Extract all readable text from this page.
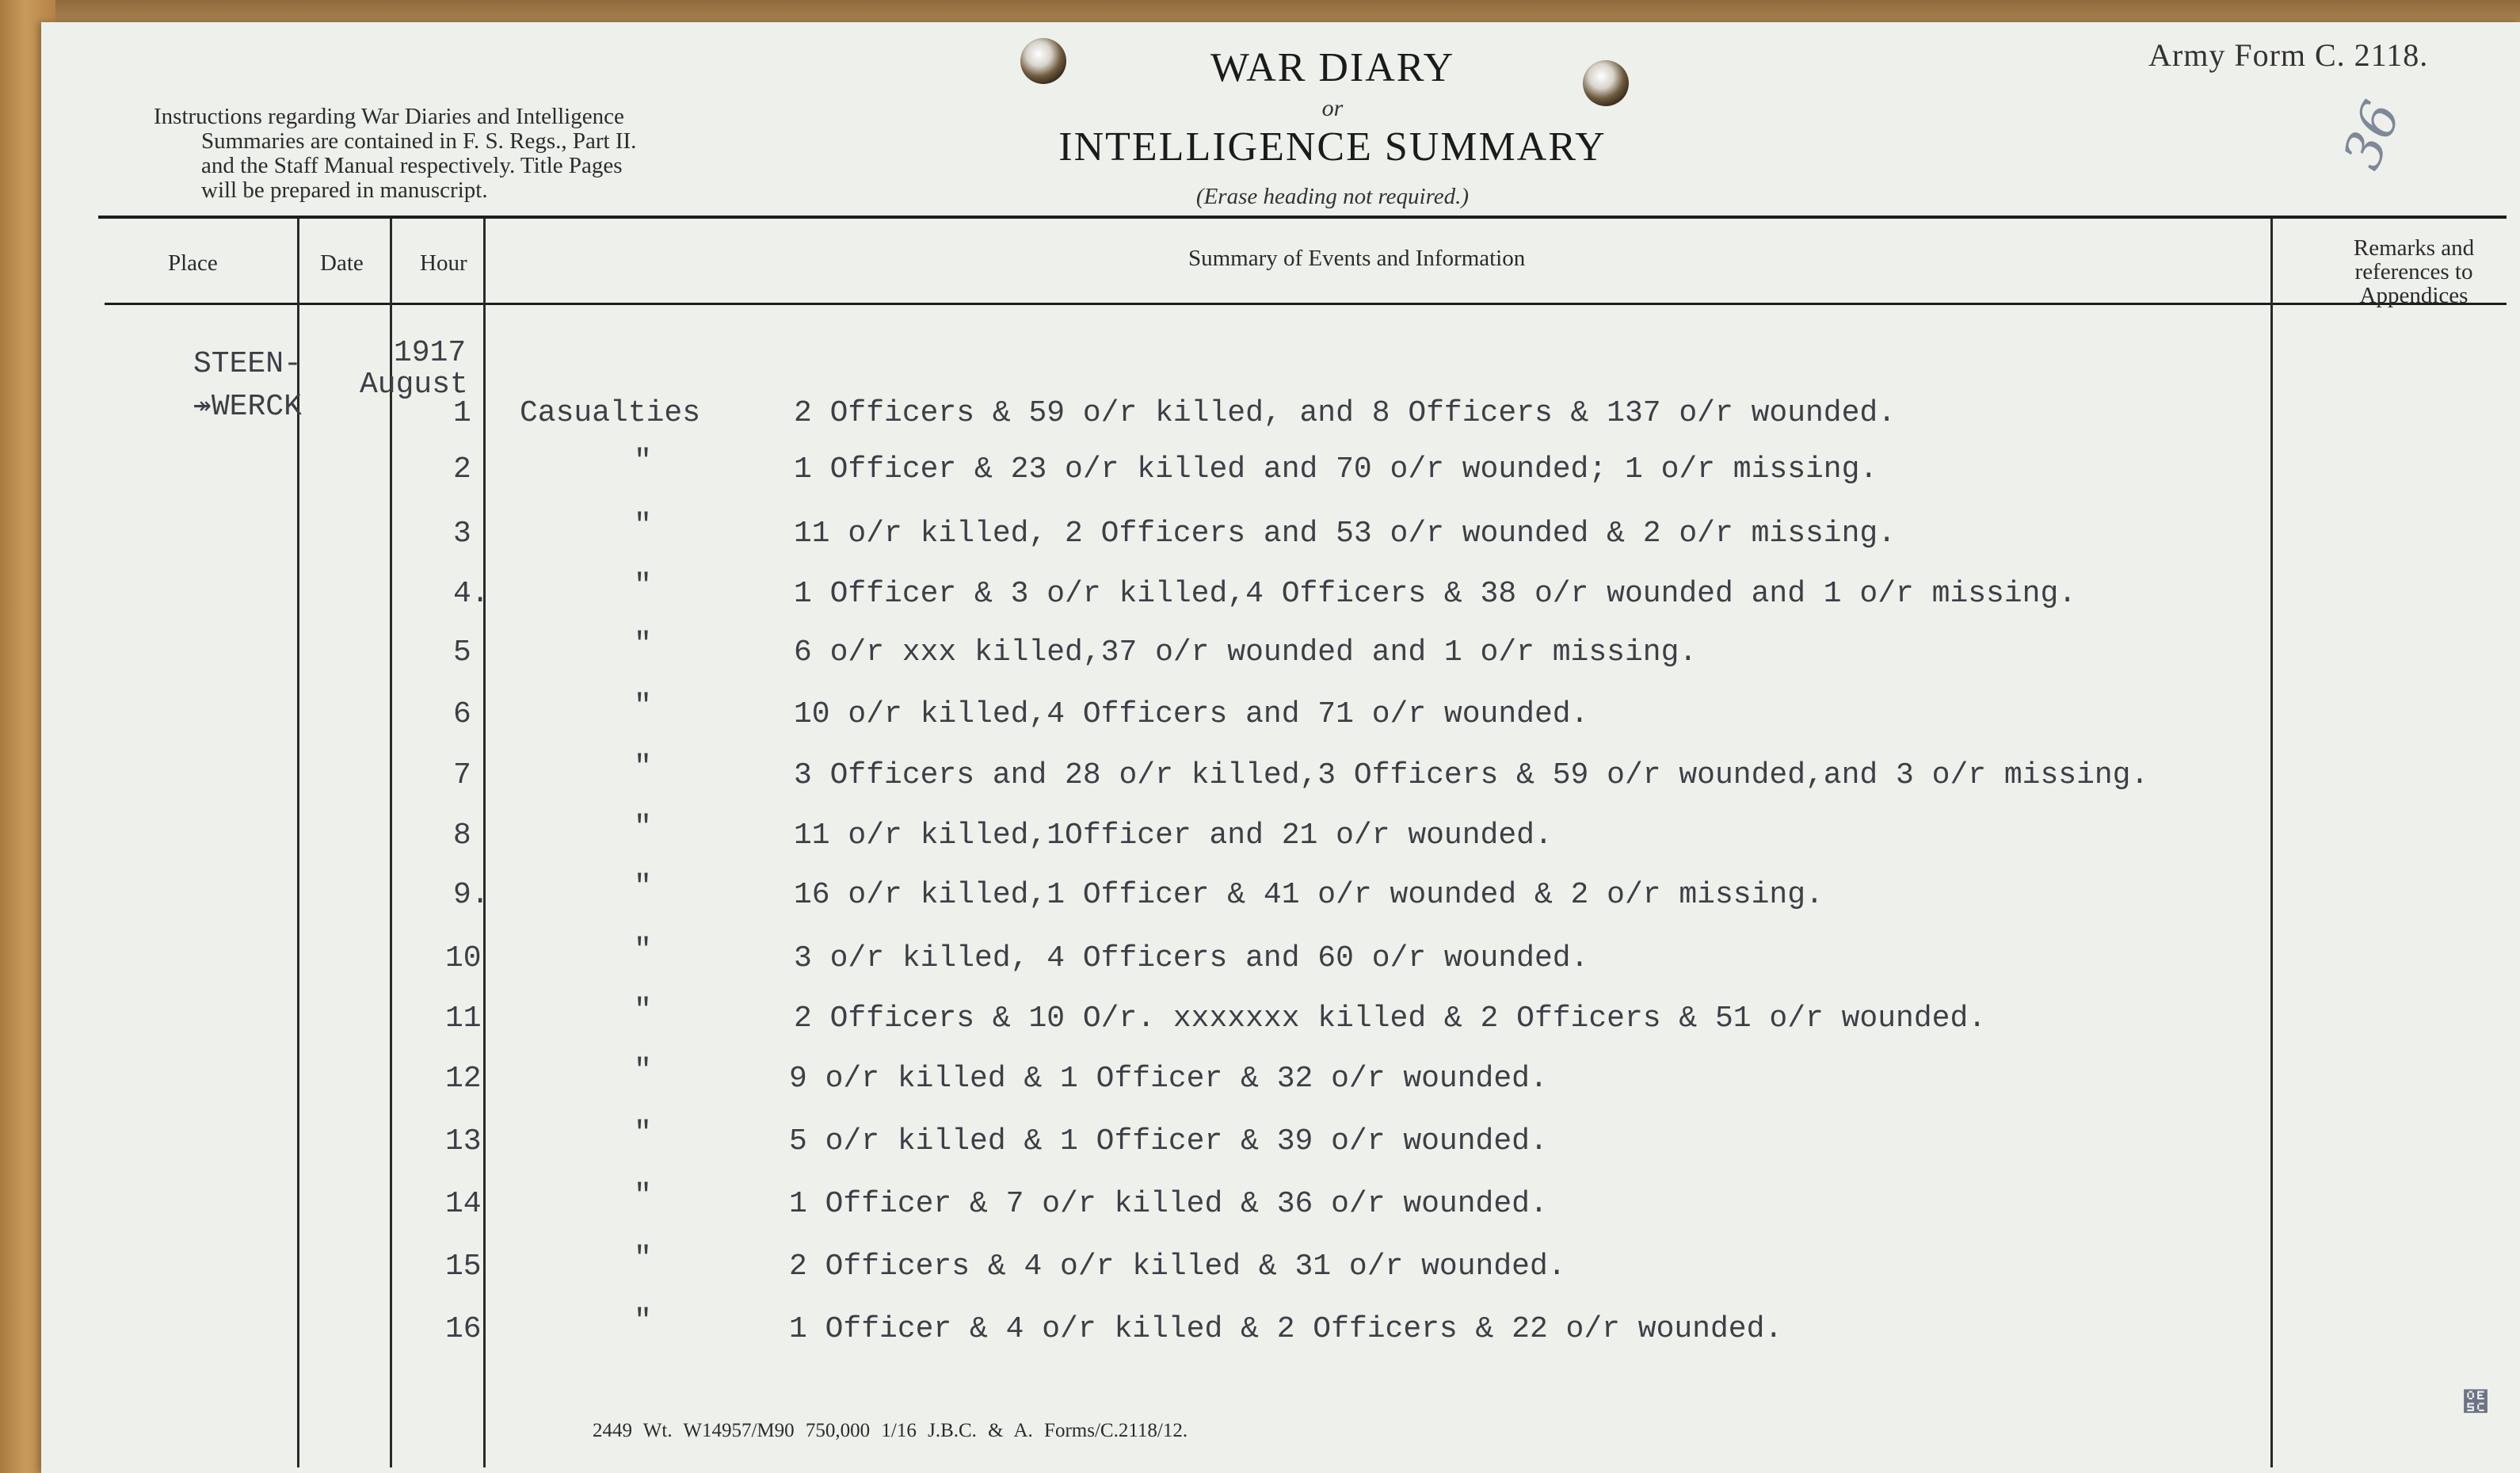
Instructions regarding War Diaries and Intelligence
Summaries are contained in F. S. Regs., Part II.
and the Staff Manual respectively. Title Pages
will be prepared in manuscript.
WAR DIARY
or
INTELLIGENCE SUMMARY
(Erase heading not required.)
Army Form C. 2118.
36
Place	Date Hour	Summary of Events and Information	Remarks and
references to
Appendices
STEEN-
↠WERCK
1917
August
1 Casualties	2 Officers & 59 o/r killed, and 8 Officers & 137 o/r wounded.
2	"	1 Officer & 23 o/r killed and 70 o/r wounded; 1 o/r missing.
3	"	11 o/r killed, 2 Officers and 53 o/r wounded & 2 o/r missing.
4.	"	1 Officer & 3 o/r killed,4 Officers & 38 o/r wounded and 1 o/r missing.
5	"	6 o/r xxx killed,37 o/r wounded and 1 o/r missing.
6	"	10 o/r killed,4 Officers and 71 o/r wounded.
7	"	3 Officers and 28 o/r killed,3 Officers & 59 o/r wounded,and 3 o/r missing.
8	"	11 o/r killed,1Officer and 21 o/r wounded.
9.	"	16 o/r killed,1 Officer & 41 o/r wounded & 2 o/r missing.
10	"	3 o/r killed, 4 Officers and 60 o/r wounded.
11	"	2 Officers & 10 O/r. xxxxxxx killed & 2 Officers & 51 o/r wounded.
12	"	9 o/r killed & 1 Officer & 32 o/r wounded.
13	"	5 o/r killed & 1 Officer & 39 o/r wounded.
14	"	1 Officer & 7 o/r killed & 36 o/r wounded.
15	"	2 Officers & 4 o/r killed & 31 o/r wounded.
16	"	1 Officer & 4 o/r killed & 2 Officers & 22 o/r wounded.
2449 Wt. W14957/M90 750,000 1/16 J.B.C. & A. Forms/C.2118/12.
๜
